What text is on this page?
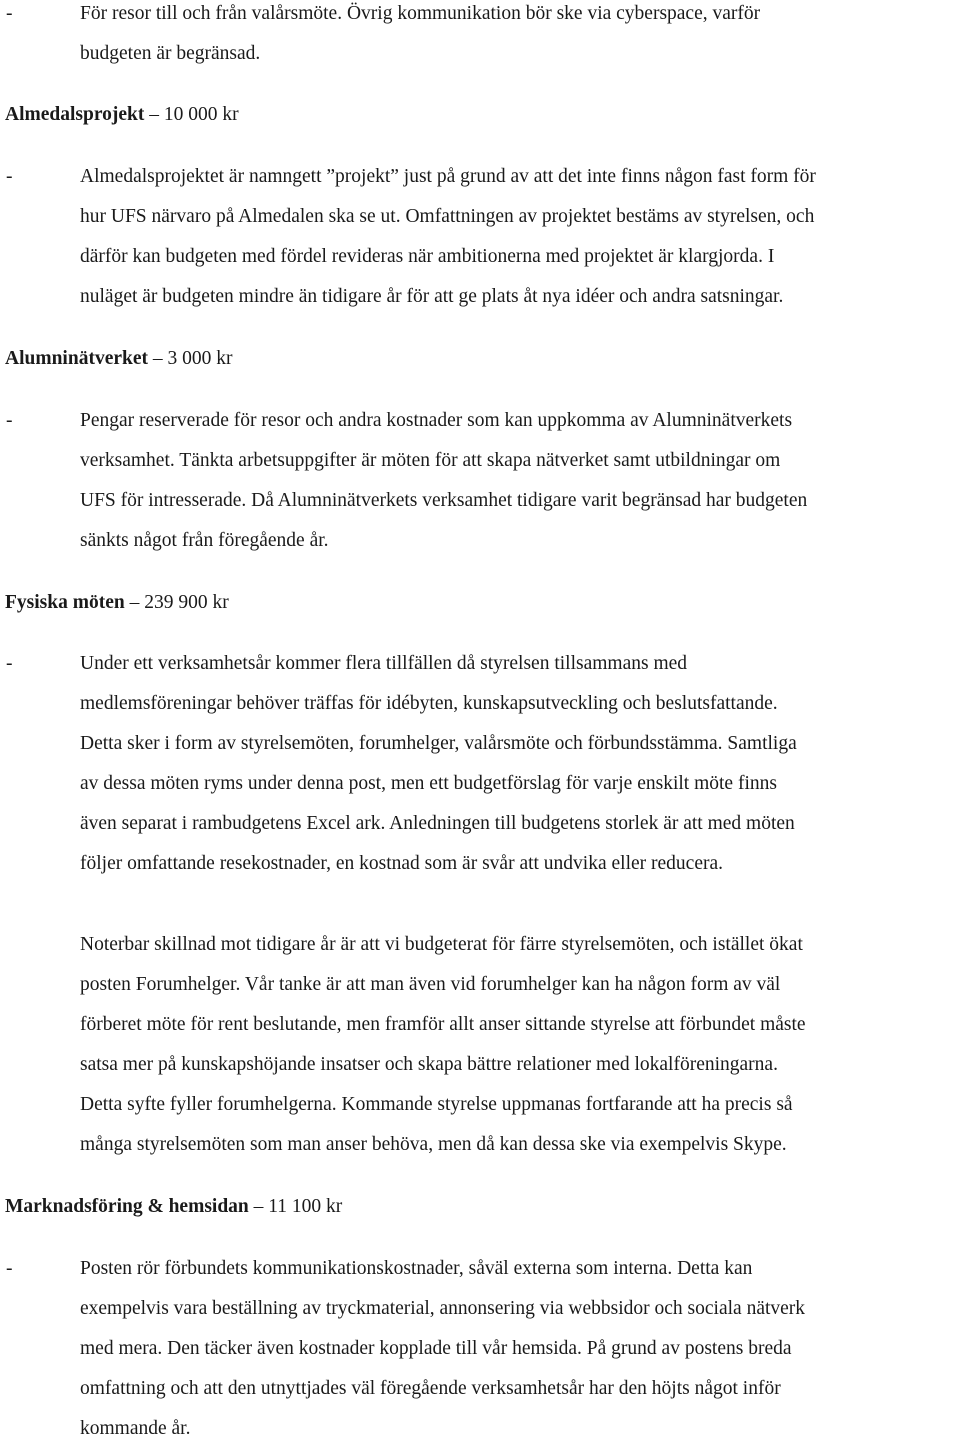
-	För resor till och från valårsmöte. Övrig kommunikation bör ske via cyberspace, varför

budgeten är begränsad.

Almedalsprojekt – 10 000 kr
-	Almedalsprojektet är namngett ”projekt” just på grund av att det inte finns någon fast form för

hur UFS närvaro på Almedalen ska se ut. Omfattningen av projektet bestäms av styrelsen, och

därför kan budgeten med fördel revideras när ambitionerna med projektet är klargjorda. I

nuläget är budgeten mindre än tidigare år för att ge plats åt nya idéer och andra satsningar.

Alumninätverket – 3 000 kr
-	Pengar reserverade för resor och andra kostnader som kan uppkomma av Alumninätverkets

verksamhet. Tänkta arbetsuppgifter är möten för att skapa nätverket samt utbildningar om

UFS för intresserade. Då Alumninätverkets verksamhet tidigare varit begränsad har budgeten

sänkts något från föregående år.

Fysiska möten – 239 900 kr
-	Under ett verksamhetsår kommer flera tillfällen då styrelsen tillsammans med

medlemsföreningar behöver träffas för idébyten, kunskapsutveckling och beslutsfattande.

Detta sker i form av styrelsemöten, forumhelger, valårsmöte och förbundsstämma. Samtliga

av dessa möten ryms under denna post, men ett budgetförslag för varje enskilt möte finns

även separat i rambudgetens Excel ark. Anledningen till budgetens storlek är att med möten

följer omfattande resekostnader, en kostnad som är svår att undvika eller reducera.

Noterbar skillnad mot tidigare år är att vi budgeterat för färre styrelsemöten, och istället ökat

posten Forumhelger. Vår tanke är att man även vid forumhelger kan ha någon form av väl

förberet möte för rent beslutande, men framför allt anser sittande styrelse att förbundet måste

satsa mer på kunskapshöjande insatser och skapa bättre relationer med lokalföreningarna.

Detta syfte fyller forumhelgerna. Kommande styrelse uppmanas fortfarande att ha precis så

många styrelsemöten som man anser behöva, men då kan dessa ske via exempelvis Skype.

Marknadsföring & hemsidan – 11 100 kr
-	Posten rör förbundets kommunikationskostnader, såväl externa som interna. Detta kan

exempelvis vara beställning av tryckmaterial, annonsering via webbsidor och sociala nätverk

med mera. Den täcker även kostnader kopplade till vår hemsida. På grund av postens breda

omfattning och att den utnyttjades väl föregående verksamhetsår har den höjts något inför

kommande år.
